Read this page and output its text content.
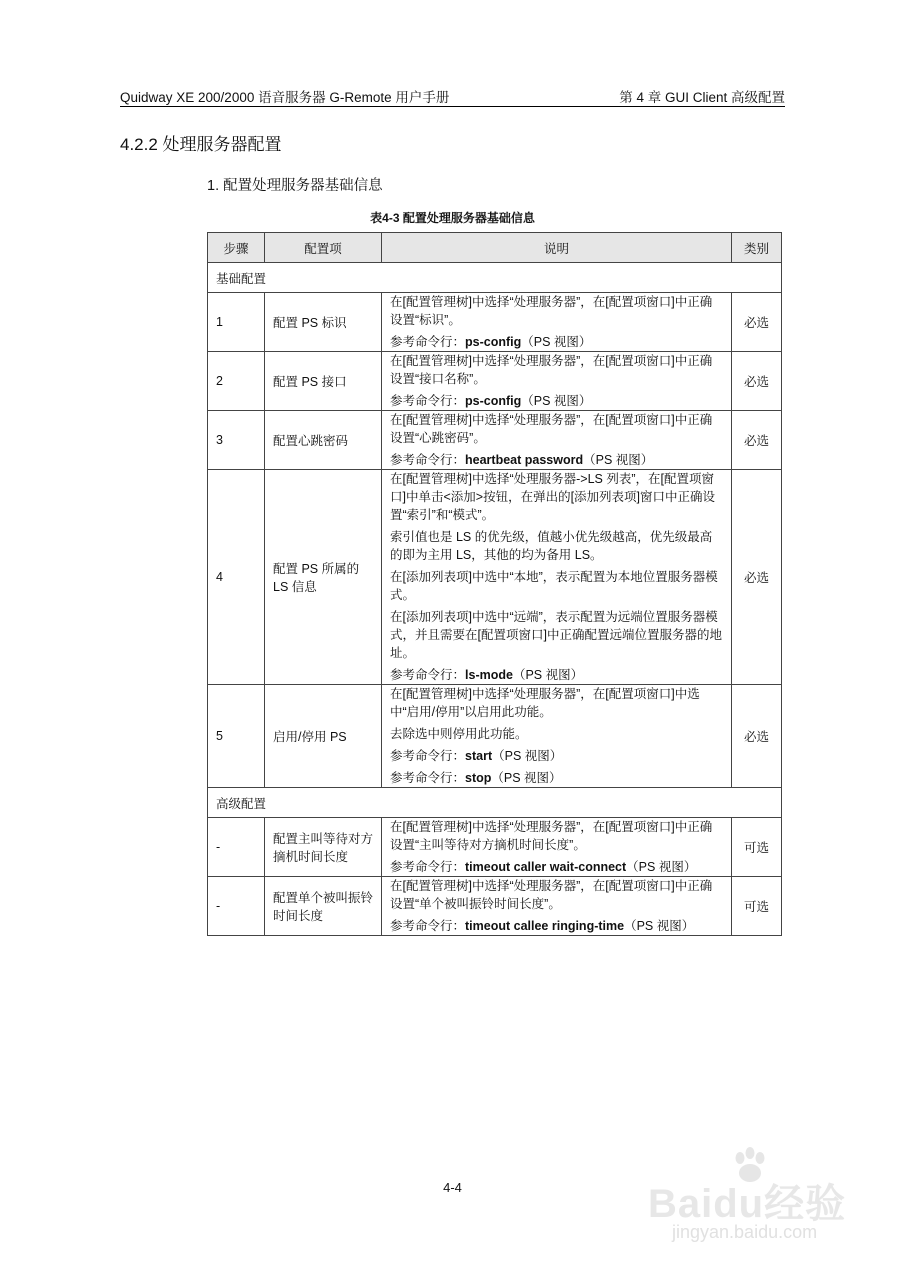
Quidway XE 200/2000 语音服务器 G-Remote 用户手册	第 4 章 GUI Client 高级配置
4.2.2 处理服务器配置
1. 配置处理服务器基础信息
表4-3 配置处理服务器基础信息
步骤	配置项	说明	类别
基础配置			
1	配置 PS 标识	在[配置管理树]中选择“处理服务器”，在[配置项窗口]中正确设置“标识”。

参考命令行：ps-config（PS 视图）	必选
2	配置 PS 接口	在[配置管理树]中选择“处理服务器”，在[配置项窗口]中正确设置“接口名称”。

参考命令行：ps-config（PS 视图）	必选
3	配置心跳密码	在[配置管理树]中选择“处理服务器”，在[配置项窗口]中正确设置“心跳密码”。

参考命令行：heartbeat password（PS 视图）	必选
4	配置 PS 所属的 LS 信息	在[配置管理树]中选择“处理服务器->LS 列表”，在[配置项窗口]中单击<添加>按钮，在弹出的[添加列表项]窗口中正确设置“索引”和“模式”。

索引值也是 LS 的优先级，值越小优先级越高，优先级最高的即为主用 LS，其他的均为备用 LS。

在[添加列表项]中选中“本地”，表示配置为本地位置服务器模式。

在[添加列表项]中选中“远端”，表示配置为远端位置服务器模式，并且需要在[配置项窗口]中正确配置远端位置服务器的地址。

参考命令行：ls-mode（PS 视图）	必选
5	启用/停用 PS	在[配置管理树]中选择“处理服务器”，在[配置项窗口]中选中“启用/停用”以启用此功能。

去除选中则停用此功能。

参考命令行：start（PS 视图）

参考命令行：stop（PS 视图）	必选
高级配置			
-	配置主叫等待对方摘机时间长度	在[配置管理树]中选择“处理服务器”，在[配置项窗口]中正确设置“主叫等待对方摘机时间长度”。

参考命令行：timeout caller wait-connect（PS 视图）	可选
-	配置单个被叫振铃时间长度	在[配置管理树]中选择“处理服务器”，在[配置项窗口]中正确设置“单个被叫振铃时间长度”。

参考命令行：timeout callee ringing-time（PS 视图）	可选
4-4	Baidu经验
jingyan.baidu.com
